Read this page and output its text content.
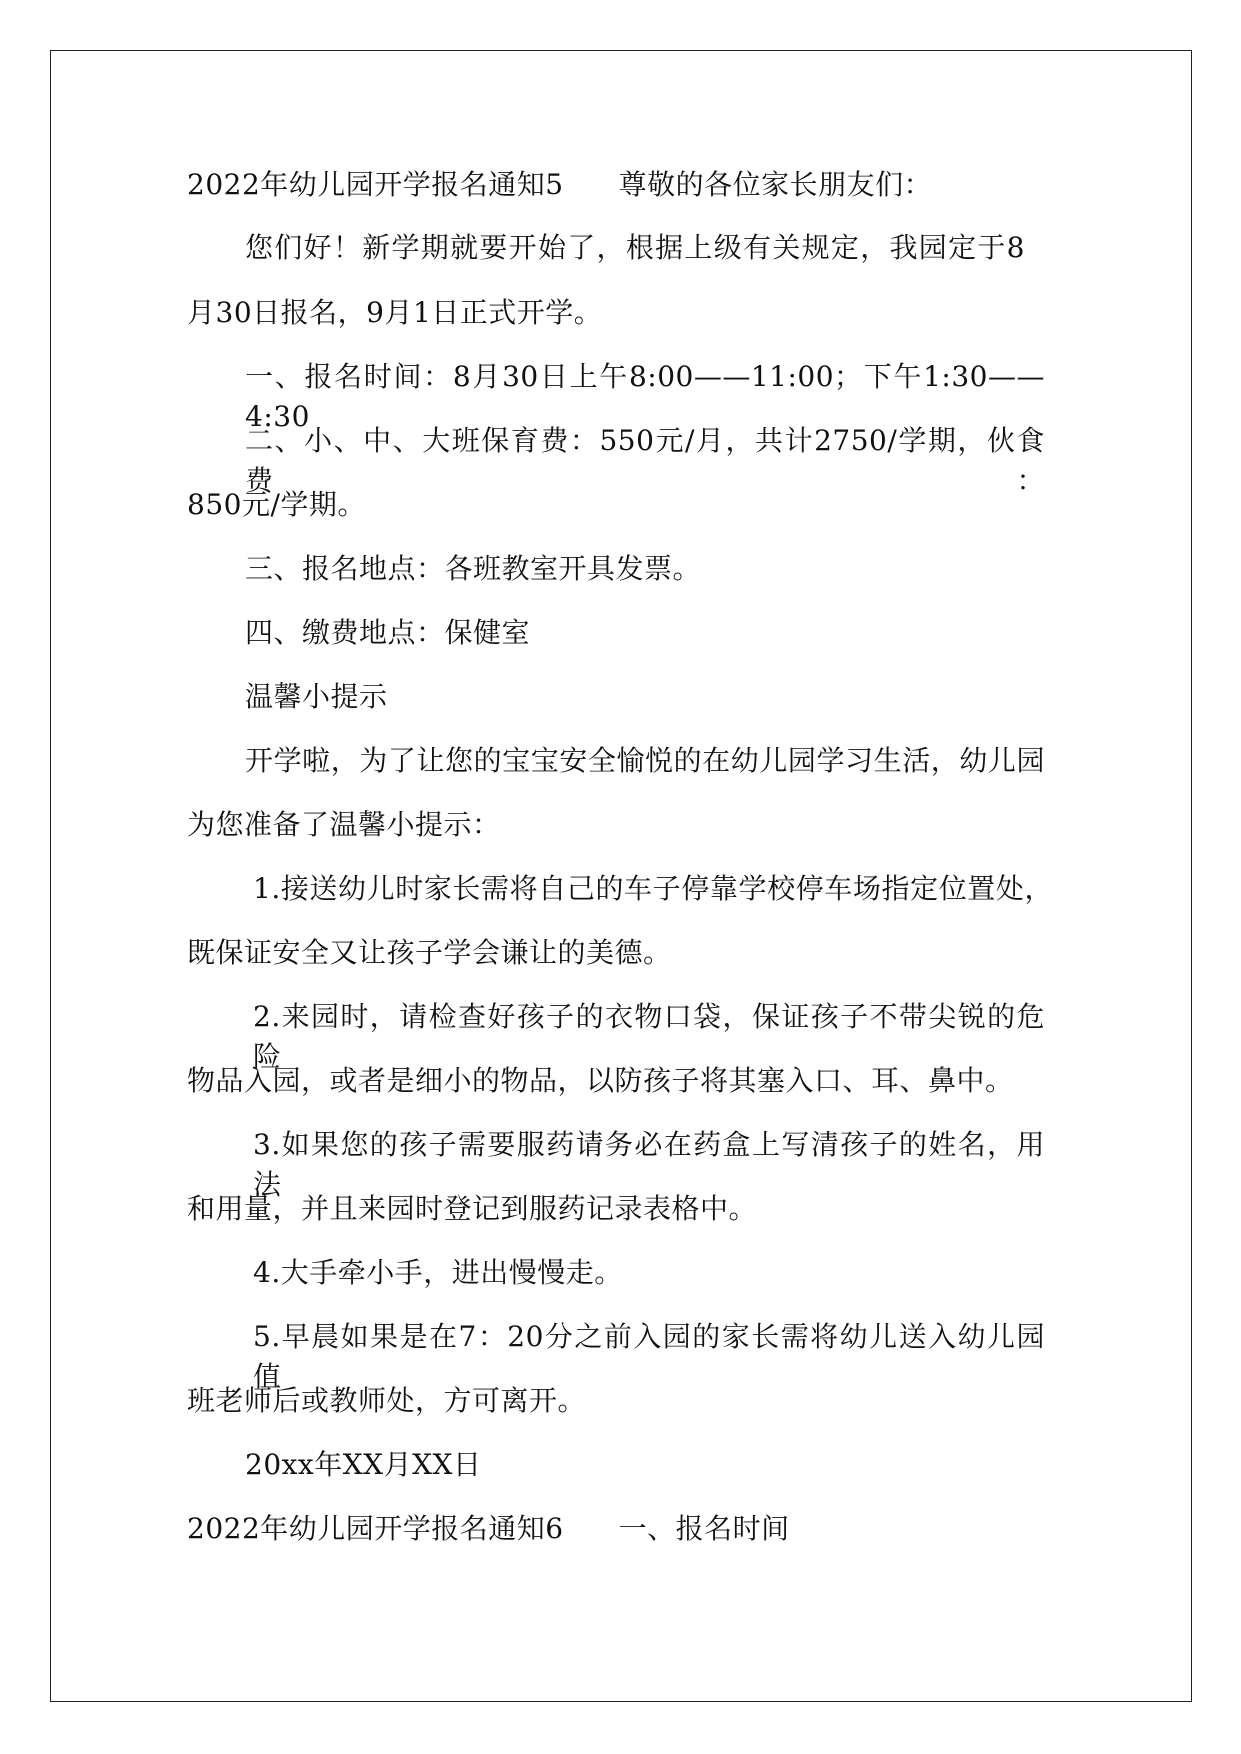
2022年幼儿园开学报名通知5 尊敬的各位家长朋友们：
您们好！新学期就要开始了，根据上级有关规定，我园定于8
月30日报名，9月1日正式开学。
一、报名时间：8月30日上午8:00——11:00；下午1:30——4:30
二、小、中、大班保育费：550元/月，共计2750/学期，伙食费：
850元/学期。
三、报名地点：各班教室开具发票。
四、缴费地点：保健室
温馨小提示
开学啦，为了让您的宝宝安全愉悦的在幼儿园学习生活，幼儿园
为您准备了温馨小提示：
1.接送幼儿时家长需将自己的车子停靠学校停车场指定位置处，
既保证安全又让孩子学会谦让的美德。
2.来园时，请检查好孩子的衣物口袋，保证孩子不带尖锐的危险
物品入园，或者是细小的物品，以防孩子将其塞入口、耳、鼻中。
3.如果您的孩子需要服药请务必在药盒上写清孩子的姓名，用法
和用量，并且来园时登记到服药记录表格中。
4.大手牵小手，进出慢慢走。
5.早晨如果是在7：20分之前入园的家长需将幼儿送入幼儿园值
班老师后或教师处，方可离开。
20xx年XX月XX日
2022年幼儿园开学报名通知6 一、报名时间
